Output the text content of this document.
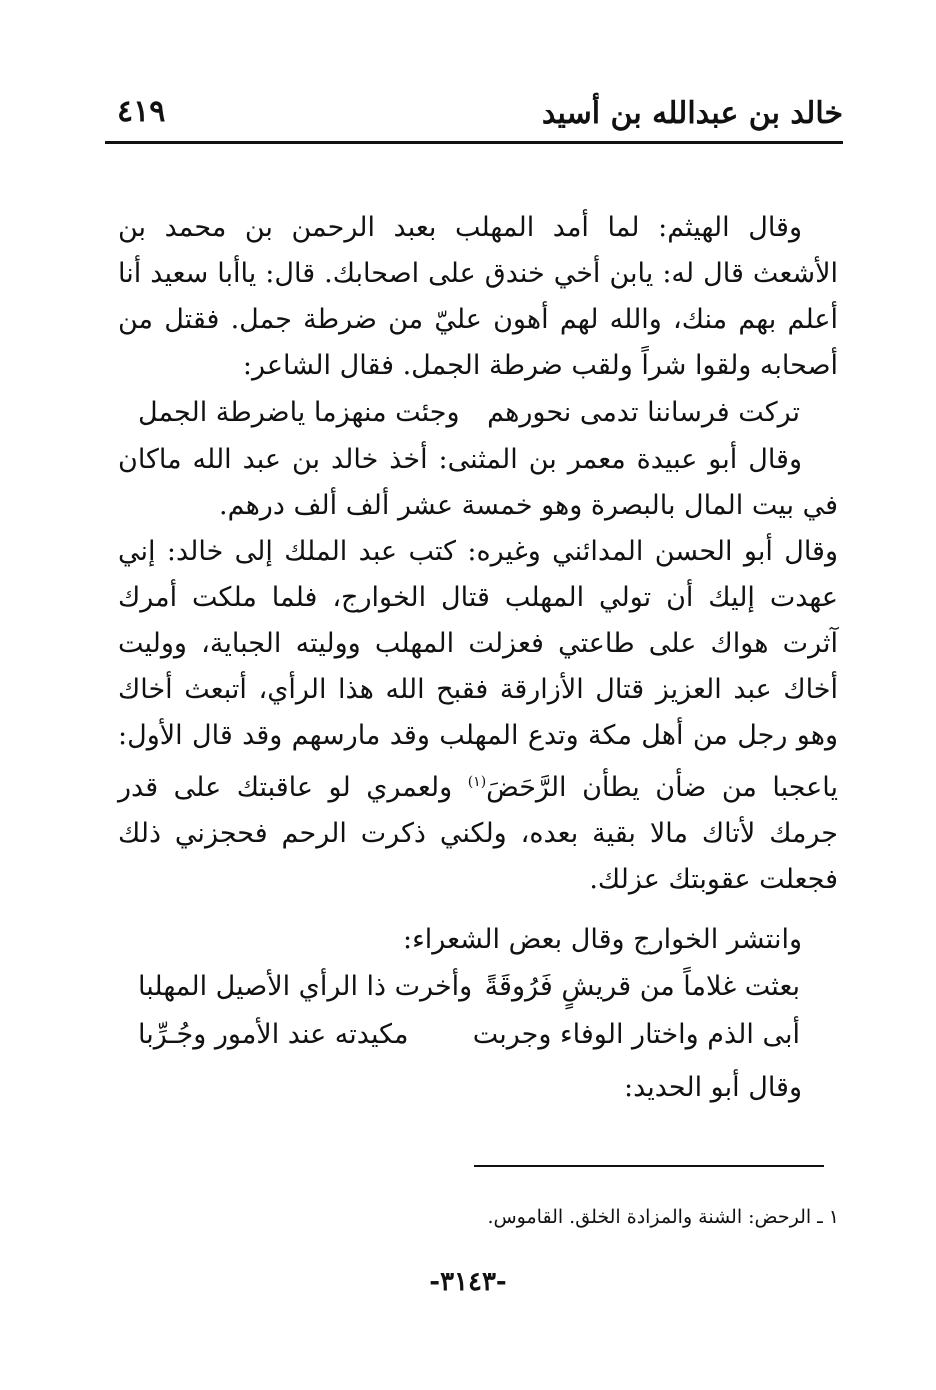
خالد بن عبدالله بن أسيد
٤١٩

وقال الهيثم: لما أمد المهلب بعبد الرحمن بن محمد بن الأشعث قال له: يابن أخي خندق على اصحابك. قال: ياأبا سعيد أنا أعلم بهم منك، والله لهم أهون عليّ من ضرطة جمل. فقتل من أصحابه ولقوا شراً ولقب ضرطة الجمل. فقال الشاعر:

تركت فرساننا تدمى نحورهم
وجئت منهزما ياضرطة الجمل

وقال أبو عبيدة معمر بن المثنى: أخذ خالد بن عبد الله ماكان في بيت المال بالبصرة وهو خمسة عشر ألف ألف درهم.

وقال أبو الحسن المدائني وغيره: كتب عبد الملك إلى خالد: إني عهدت إليك أن تولي المهلب قتال الخوارج، فلما ملكت أمرك آثرت هواك على طاعتي فعزلت المهلب ووليته الجباية، ووليت أخاك عبد العزيز قتال الأزارقة فقبح الله هذا الرأي، أتبعث أخاك وهو رجل من أهل مكة وتدع المهلب وقد مارسهم وقد قال الأول: ياعجبا من ضأن يطأن الرَّحَضَ$^{(١)}$ ولعمري لو عاقبتك على قدر جرمك لأتاك مالا بقية بعده، ولكني ذكرت الرحم فحجزني ذلك فجعلت عقوبتك عزلك.

وانتشر الخوارج وقال بعض الشعراء:

بعثت غلاماً من قريشٍ فَرُوقَةً
وأخرت ذا الرأي الأصيل المهلبا
أبى الذم واختار الوفاء وجربت
مكيدته عند الأمور وجُـرِّبا

وقال أبو الحديد:

١ ـ الرحض: الشنة والمزادة الخلق. القاموس.
-٣١٤٣-
